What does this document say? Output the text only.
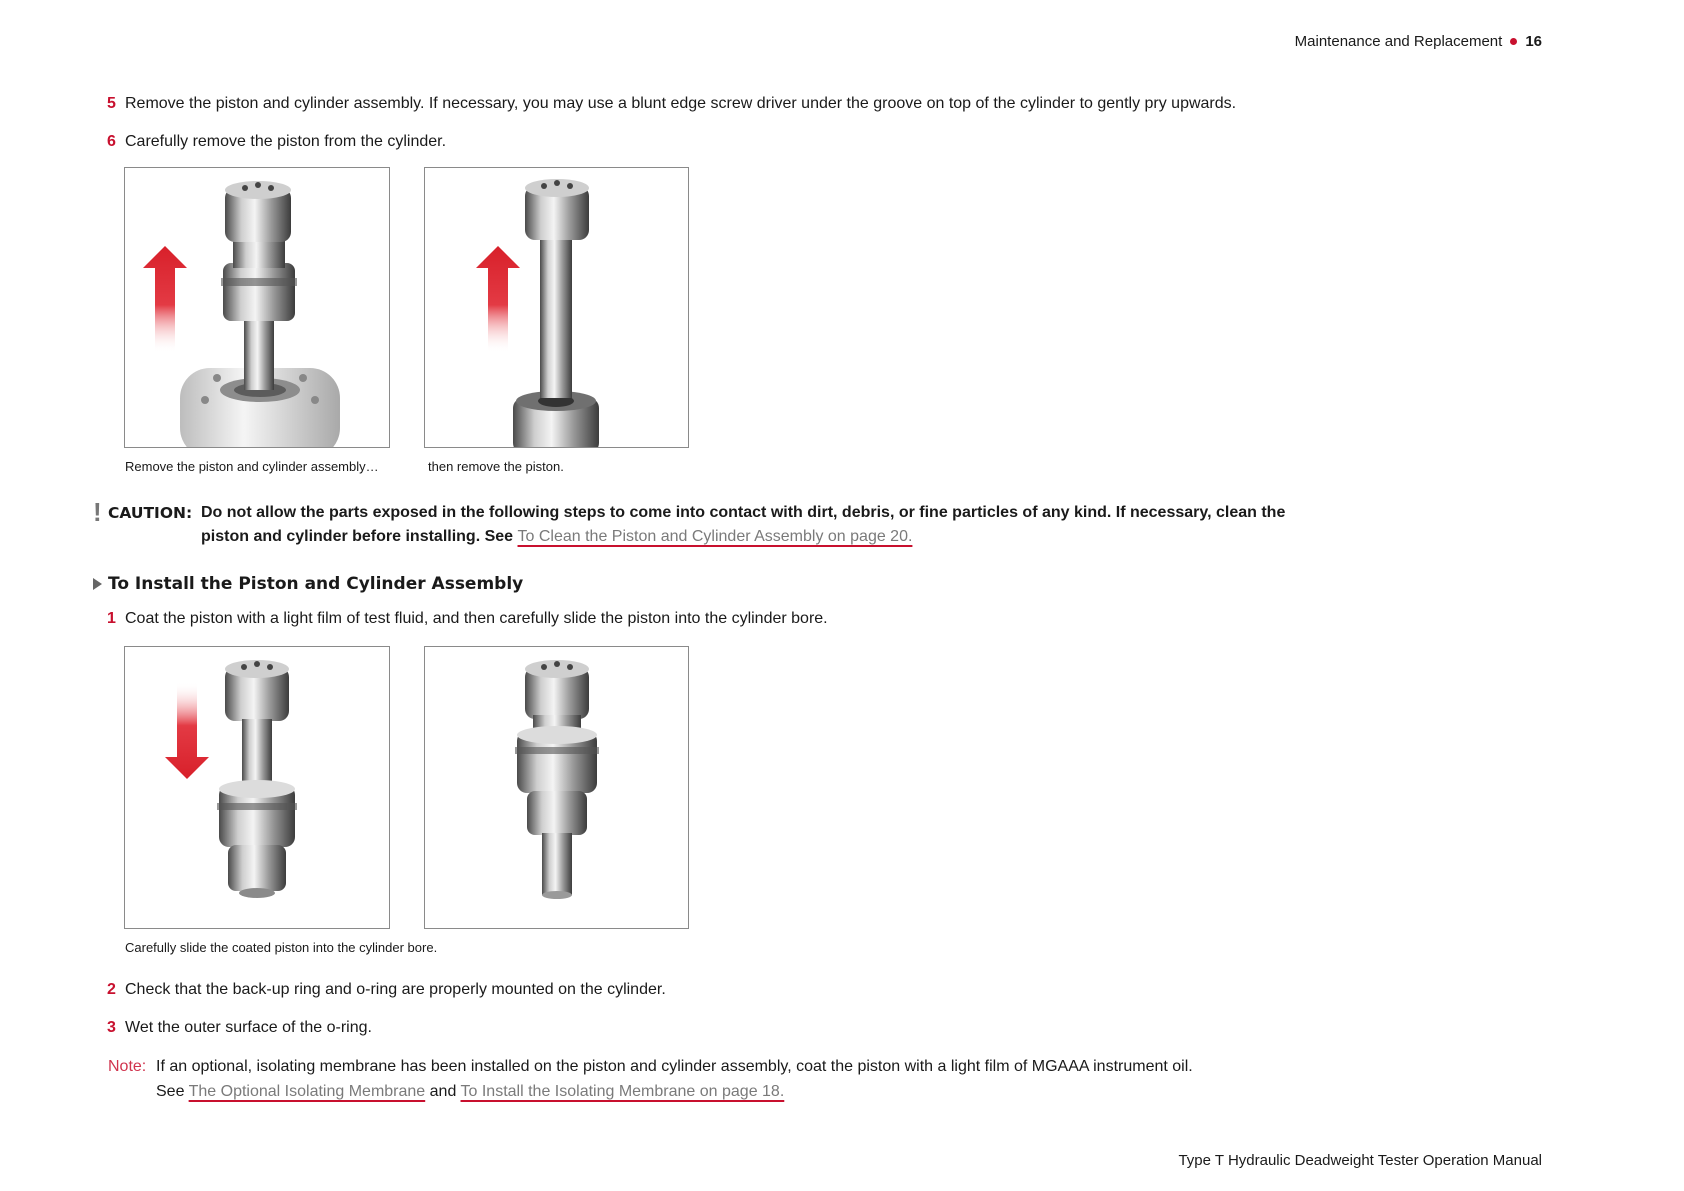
Maintenance and Replacement 16
5 Remove the piston and cylinder assembly. If necessary, you may use a blunt edge screw driver under the groove on top of the cylinder to gently pry upwards.
6 Carefully remove the piston from the cylinder.
Remove the piston and cylinder assembly…	then remove the piston.
! CAUTION: Do not allow the parts exposed in the following steps to come into contact with dirt, debris, or fine particles of any kind. If necessary, clean the piston and cylinder before installing. See To Clean the Piston and Cylinder Assembly on page 20.
To Install the Piston and Cylinder Assembly
1 Coat the piston with a light film of test fluid, and then carefully slide the piston into the cylinder bore.
Carefully slide the coated piston into the cylinder bore.
2 Check that the back-up ring and o-ring are properly mounted on the cylinder.
3 Wet the outer surface of the o-ring.
Note: If an optional, isolating membrane has been installed on the piston and cylinder assembly, coat the piston with a light film of MGAAA instrument oil.
See The Optional Isolating Membrane and To Install the Isolating Membrane on page 18.
Type T Hydraulic Deadweight Tester Operation Manual
